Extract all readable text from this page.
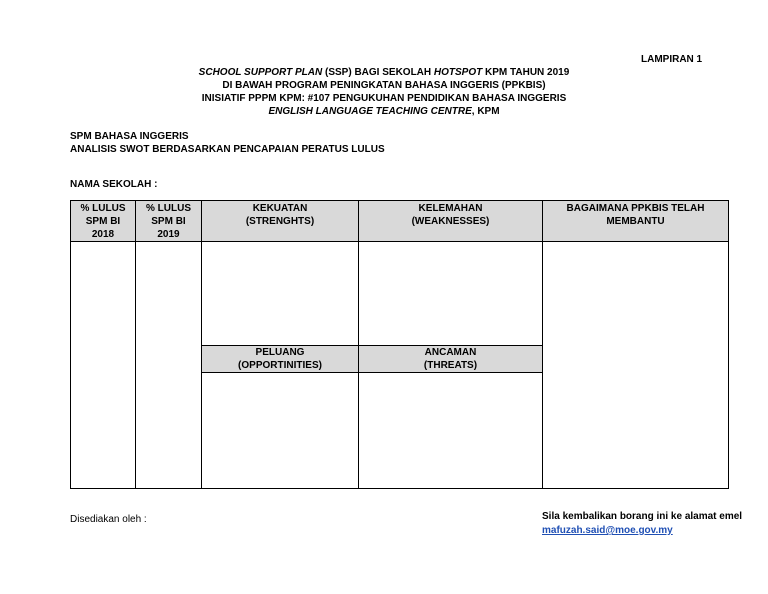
LAMPIRAN 1
SCHOOL SUPPORT PLAN (SSP) BAGI SEKOLAH HOTSPOT KPM TAHUN 2019
DI BAWAH PROGRAM PENINGKATAN BAHASA INGGERIS (PPKBIS)
INISIATIF PPPM KPM: #107 PENGUKUHAN PENDIDIKAN BAHASA INGGERIS
ENGLISH LANGUAGE TEACHING CENTRE, KPM
SPM BAHASA INGGERIS
ANALISIS SWOT BERDASARKAN PENCAPAIAN PERATUS LULUS
NAMA SEKOLAH :
% LULUS
SPM BI
2018
% LULUS
SPM BI
2019
KEKUATAN
(STRENGHTS)
KELEMAHAN
(WEAKNESSES)
BAGAIMANA PPKBIS TELAH
MEMBANTU
PELUANG
(OPPORTINITIES)
ANCAMAN
(THREATS)
Disediakan oleh :	Sila kembalikan borang ini ke alamat emel
mafuzah.said@moe.gov.my
